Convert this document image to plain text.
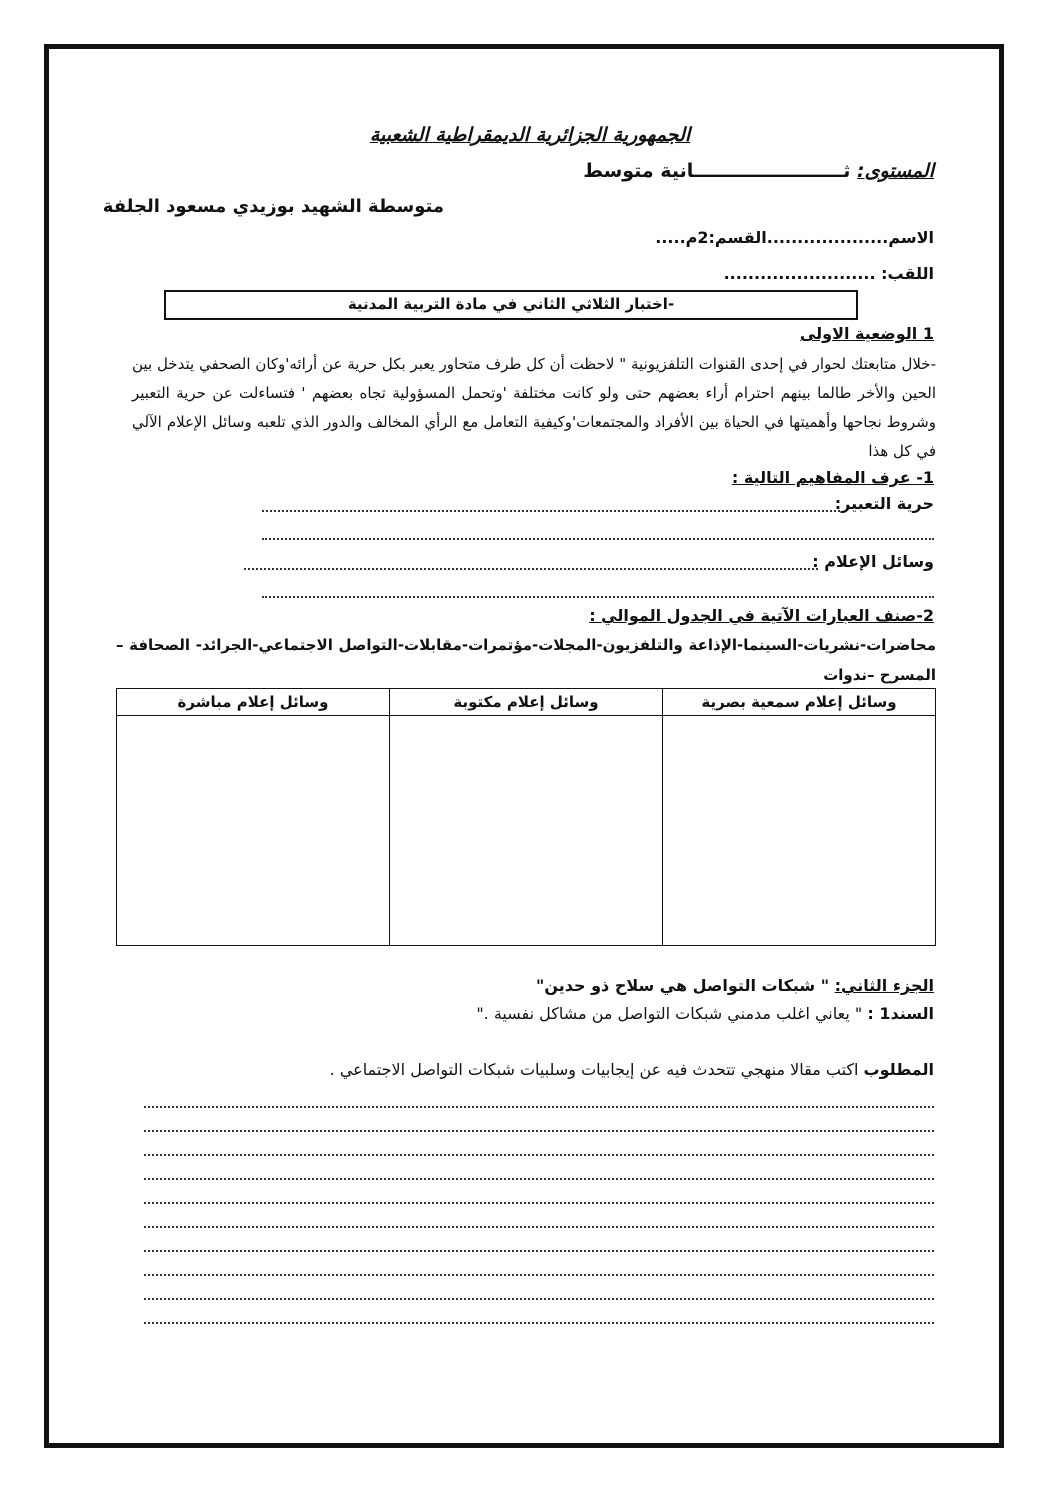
الجمهورية الجزائرية الديمقراطية الشعبية
المستوى: ثـــــــــــــــــــــــانية متوسط
متوسطة الشهيد بوزيدي مسعود الجلفة
الاسم....................القسم:2م.....
اللقب: .........................
-اختبار الثلاثي الثاني في مادة التربية المدنية
1 الوضعية الاولى
-خلال متابعتك لحوار في إحدى القنوات التلفزيونية " لاحظت أن كل طرف متحاور يعبر بكل حرية عن أرائه'وكان الصحفي يتدخل بين الحين والأخر طالما بينهم احترام أراء بعضهم حتى ولو كانت مختلفة 'وتحمل المسؤولية تجاه بعضهم ' فتساءلت عن حرية التعبير وشروط نجاحها وأهميتها في الحياة بين الأفراد والمجتمعات'وكيفية التعامل مع الرأي المخالف والدور الذي تلعبه وسائل الإعلام الآلي في كل هذا
1- عرف المفاهيم التالية :
حرية التعبير:
وسائل الإعلام :
2-صنف العبارات الآتية في الجدول الموالي :
محاضرات-نشريات-السينما-الإذاعة والتلفزيون-المجلات-مؤتمرات-مقابلات-التواصل الاجتماعي-الجرائد- الصحافة – المسرح –ندوات
وسائل إعلام سمعية بصرية
وسائل إعلام مكتوبة
وسائل إعلام مباشرة
الجزء الثاني: " شبكات التواصل هي سلاح ذو حدين"
السند1 : " يعاني اغلب مدمني شبكات التواصل من مشاكل نفسية ."
المطلوب اكتب مقالا منهجي تتحدث فيه عن إيجابيات وسلبيات شبكات التواصل الاجتماعي .
